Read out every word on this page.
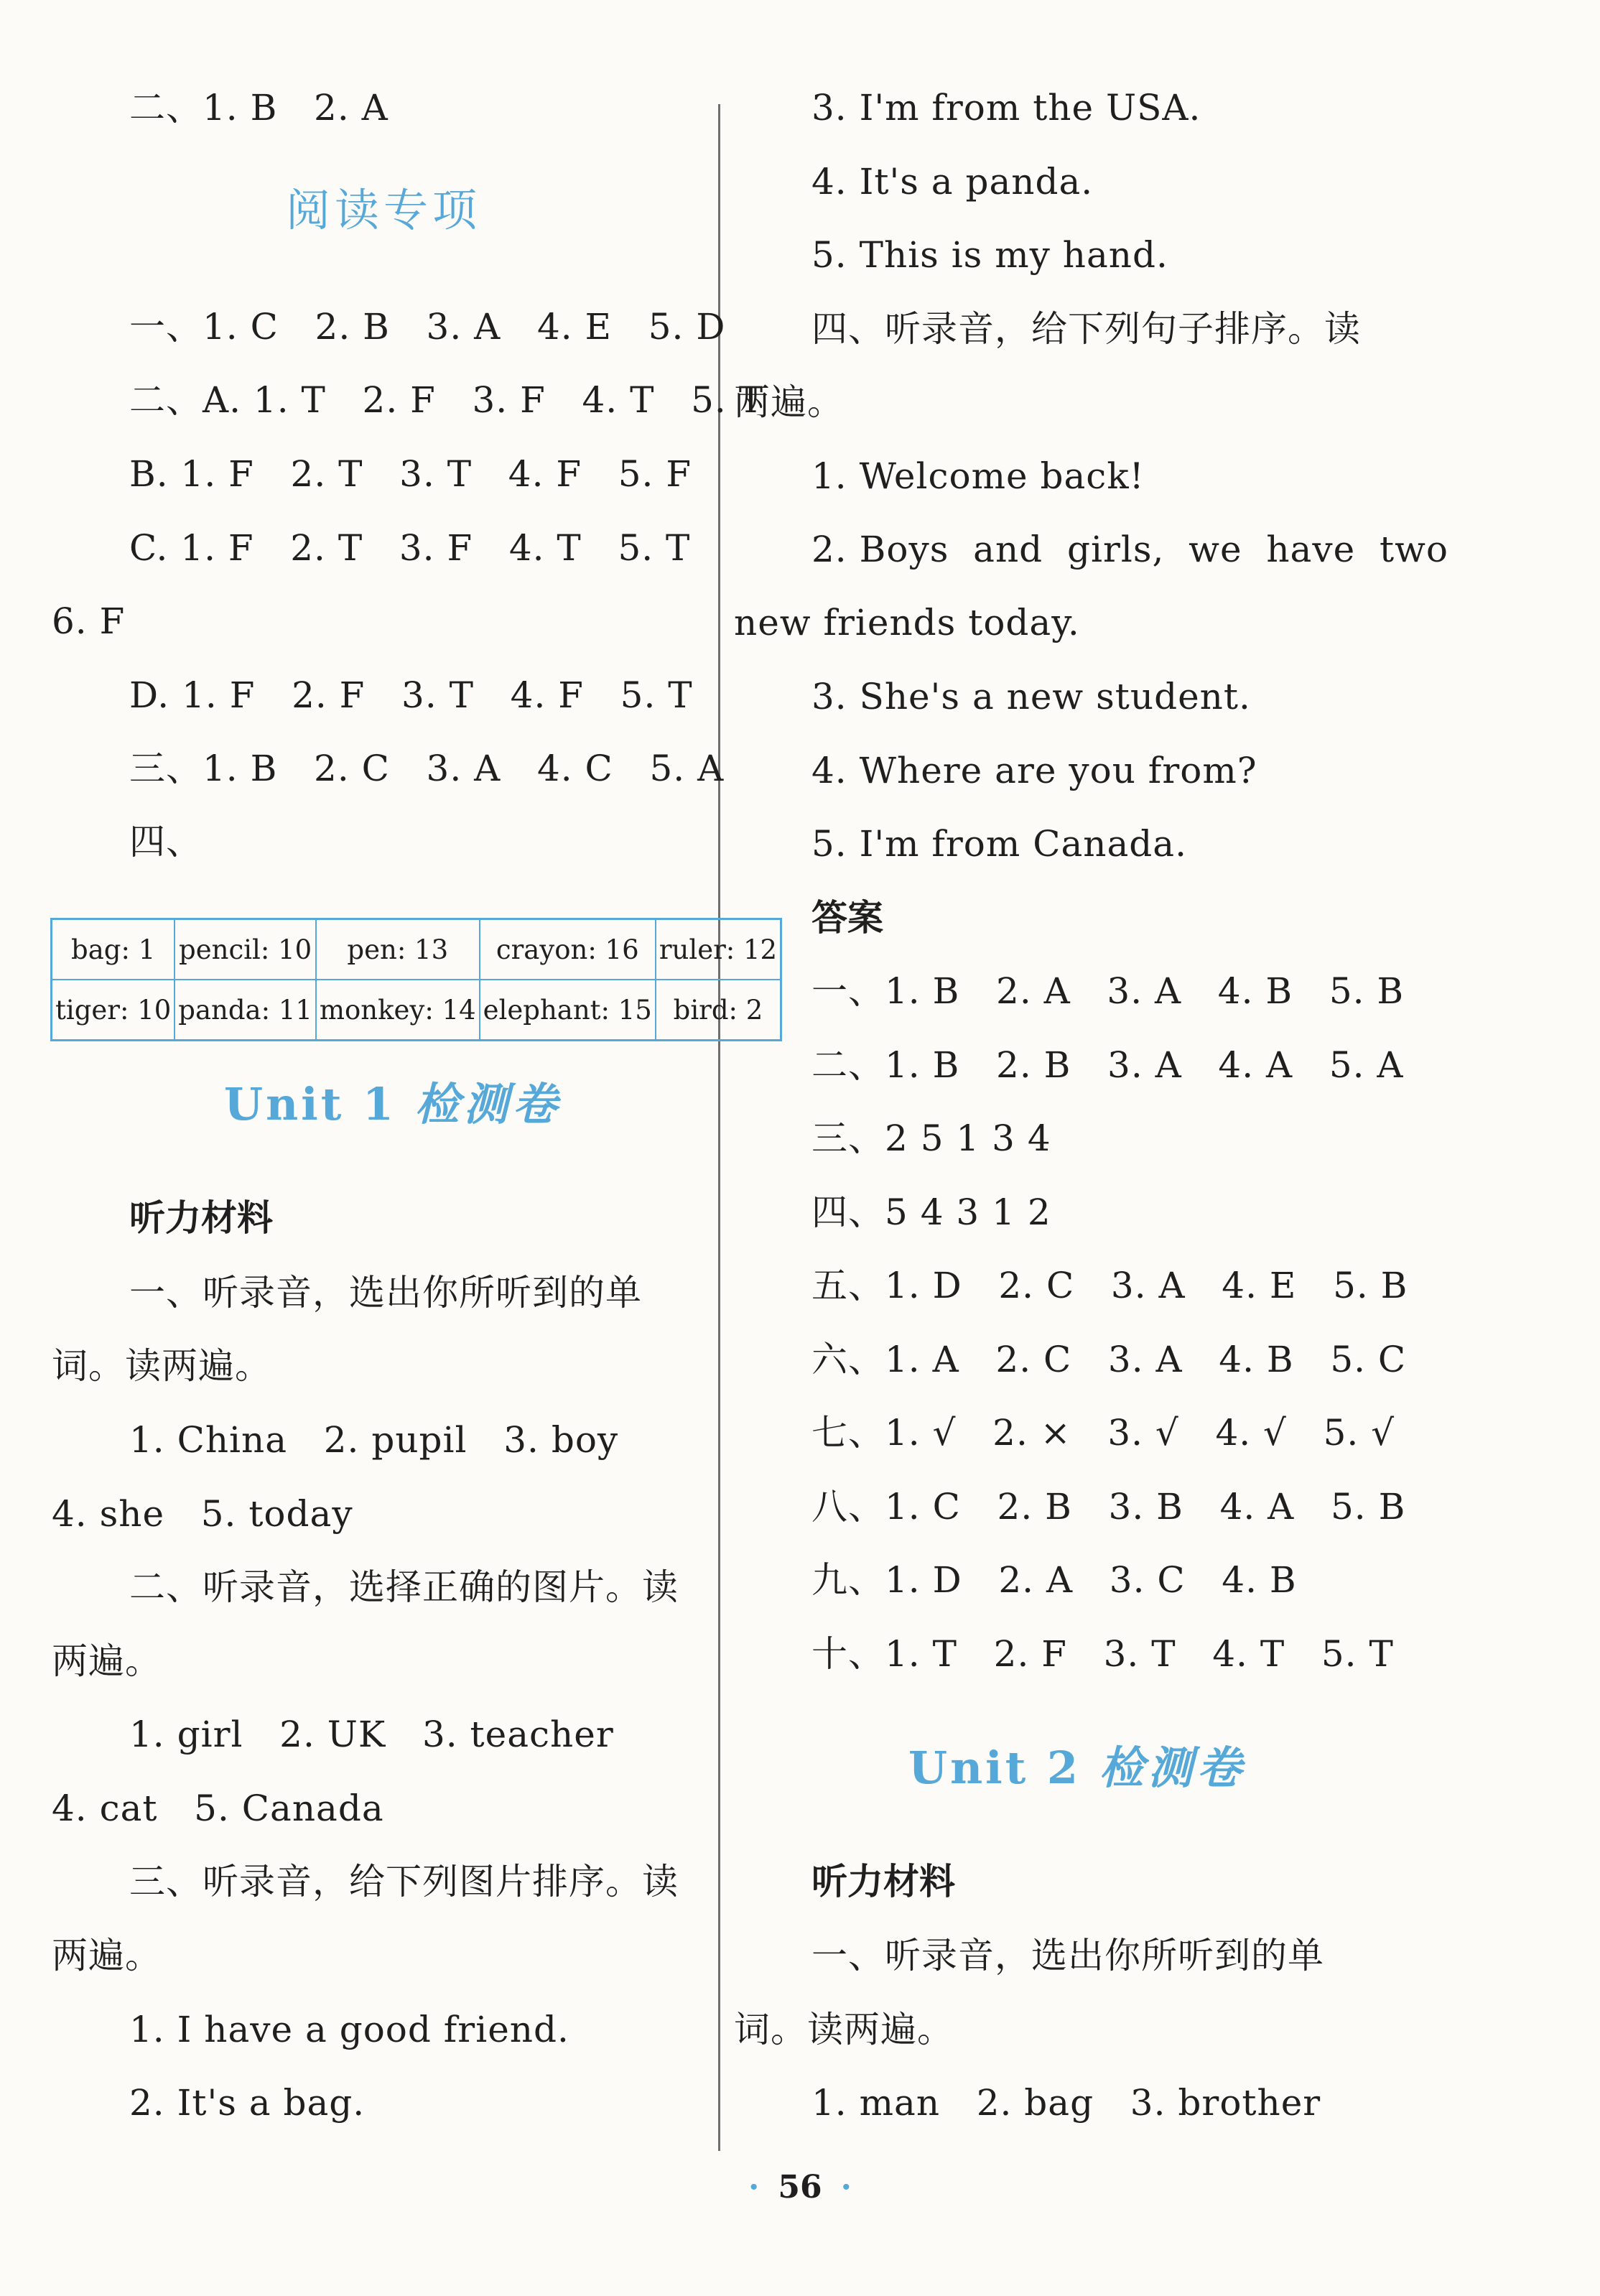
二、1. B   2. A
阅读专项
一、1. C   2. B   3. A   4. E   5. D
二、A. 1. T   2. F   3. F   4. T   5. T
B. 1. F   2. T   3. T   4. F   5. F
C. 1. F   2. T   3. F   4. T   5. T
6. F
D. 1. F   2. F   3. T   4. F   5. T
三、1. B   2. C   3. A   4. C   5. A
四、
Unit 1 检测卷
听力材料
一、听录音，选出你所听到的单
词。读两遍。
1. China   2. pupil   3. boy
4. she   5. today
二、听录音，选择正确的图片。读
两遍。
1. girl   2. UK   3. teacher
4. cat   5. Canada
三、听录音，给下列图片排序。读
两遍。
1. I have a good friend.
2. It's a bag.
3. I'm from the USA.
4. It's a panda.
5. This is my hand.
四、听录音，给下列句子排序。读
两遍。
1. Welcome back!
2. Boys  and  girls,  we  have  two
new friends today.
3. She's a new student.
4. Where are you from?
5. I'm from Canada.
答案
一、1. B   2. A   3. A   4. B   5. B
二、1. B   2. B   3. A   4. A   5. A
三、2 5 1 3 4
四、5 4 3 1 2
五、1. D   2. C   3. A   4. E   5. B
六、1. A   2. C   3. A   4. B   5. C
七、1. √   2. ×   3. √   4. √   5. √
八、1. C   2. B   3. B   4. A   5. B
九、1. D   2. A   3. C   4. B
十、1. T   2. F   3. T   4. T   5. T
Unit 2 检测卷
听力材料
一、听录音，选出你所听到的单
词。读两遍。
1. man   2. bag   3. brother
bag: 1	pencil: 10	pen: 13	crayon: 16	ruler: 12
tiger: 10	panda: 11	monkey: 14	elephant: 15	bird: 2
· 56 ·
